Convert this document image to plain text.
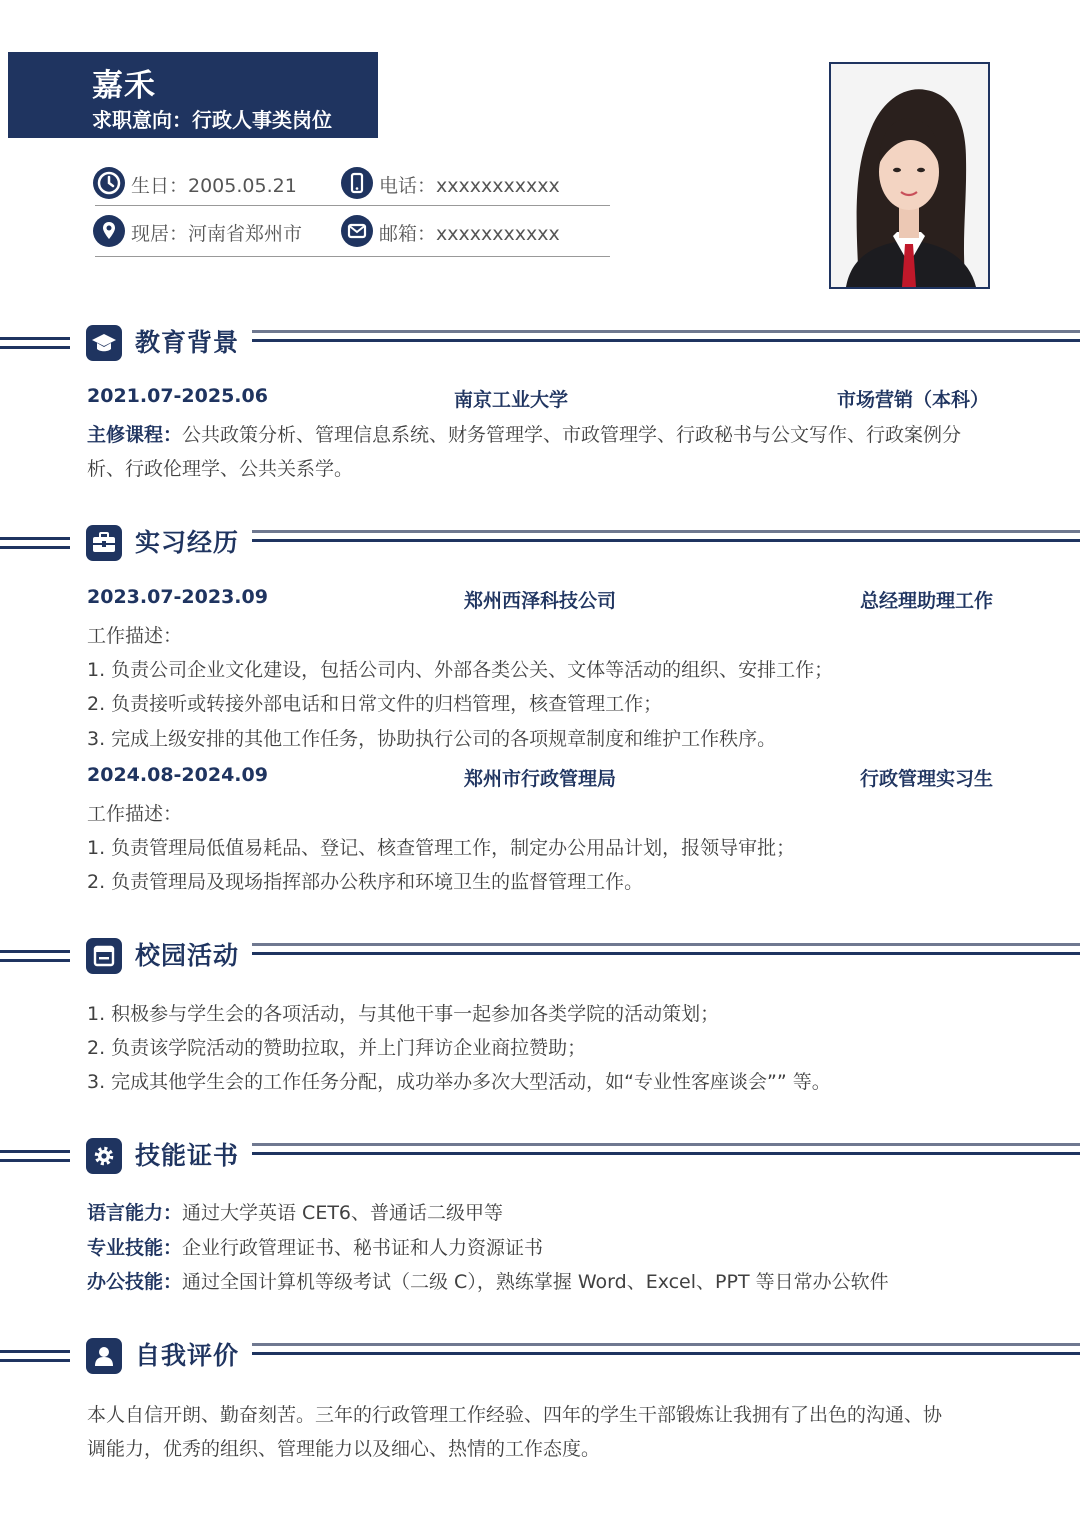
嘉禾
求职意向：行政人事类岗位
生日：2005.05.21	电话：xxxxxxxxxxx
现居：河南省郑州市	邮箱：xxxxxxxxxxx
教育背景
2021.07-2025.06	南京工业大学	市场营销（本科）
主修课程：公共政策分析、管理信息系统、财务管理学、市政管理学、行政秘书与公文写作、行政案例分
析、行政伦理学、公共关系学。
实习经历
2023.07-2023.09	郑州西泽科技公司	总经理助理工作
工作描述：
1. 负责公司企业文化建设，包括公司内、外部各类公关、文体等活动的组织、安排工作；
2. 负责接听或转接外部电话和日常文件的归档管理，核查管理工作；
3. 完成上级安排的其他工作任务，协助执行公司的各项规章制度和维护工作秩序。
2024.08-2024.09	郑州市行政管理局	行政管理实习生
工作描述：
1. 负责管理局低值易耗品、登记、核查管理工作，制定办公用品计划，报领导审批；
2. 负责管理局及现场指挥部办公秩序和环境卫生的监督管理工作。
校园活动
1. 积极参与学生会的各项活动，与其他干事一起参加各类学院的活动策划；
2. 负责该学院活动的赞助拉取，并上门拜访企业商拉赞助；
3. 完成其他学生会的工作任务分配，成功举办多次大型活动，如“专业性客座谈会”” 等。
技能证书
语言能力：通过大学英语 CET6、普通话二级甲等
专业技能：企业行政管理证书、秘书证和人力资源证书
办公技能：通过全国计算机等级考试（二级 C），熟练掌握 Word、Excel、PPT 等日常办公软件
自我评价
本人自信开朗、勤奋刻苦。三年的行政管理工作经验、四年的学生干部锻炼让我拥有了出色的沟通、协
调能力，优秀的组织、管理能力以及细心、热情的工作态度。
